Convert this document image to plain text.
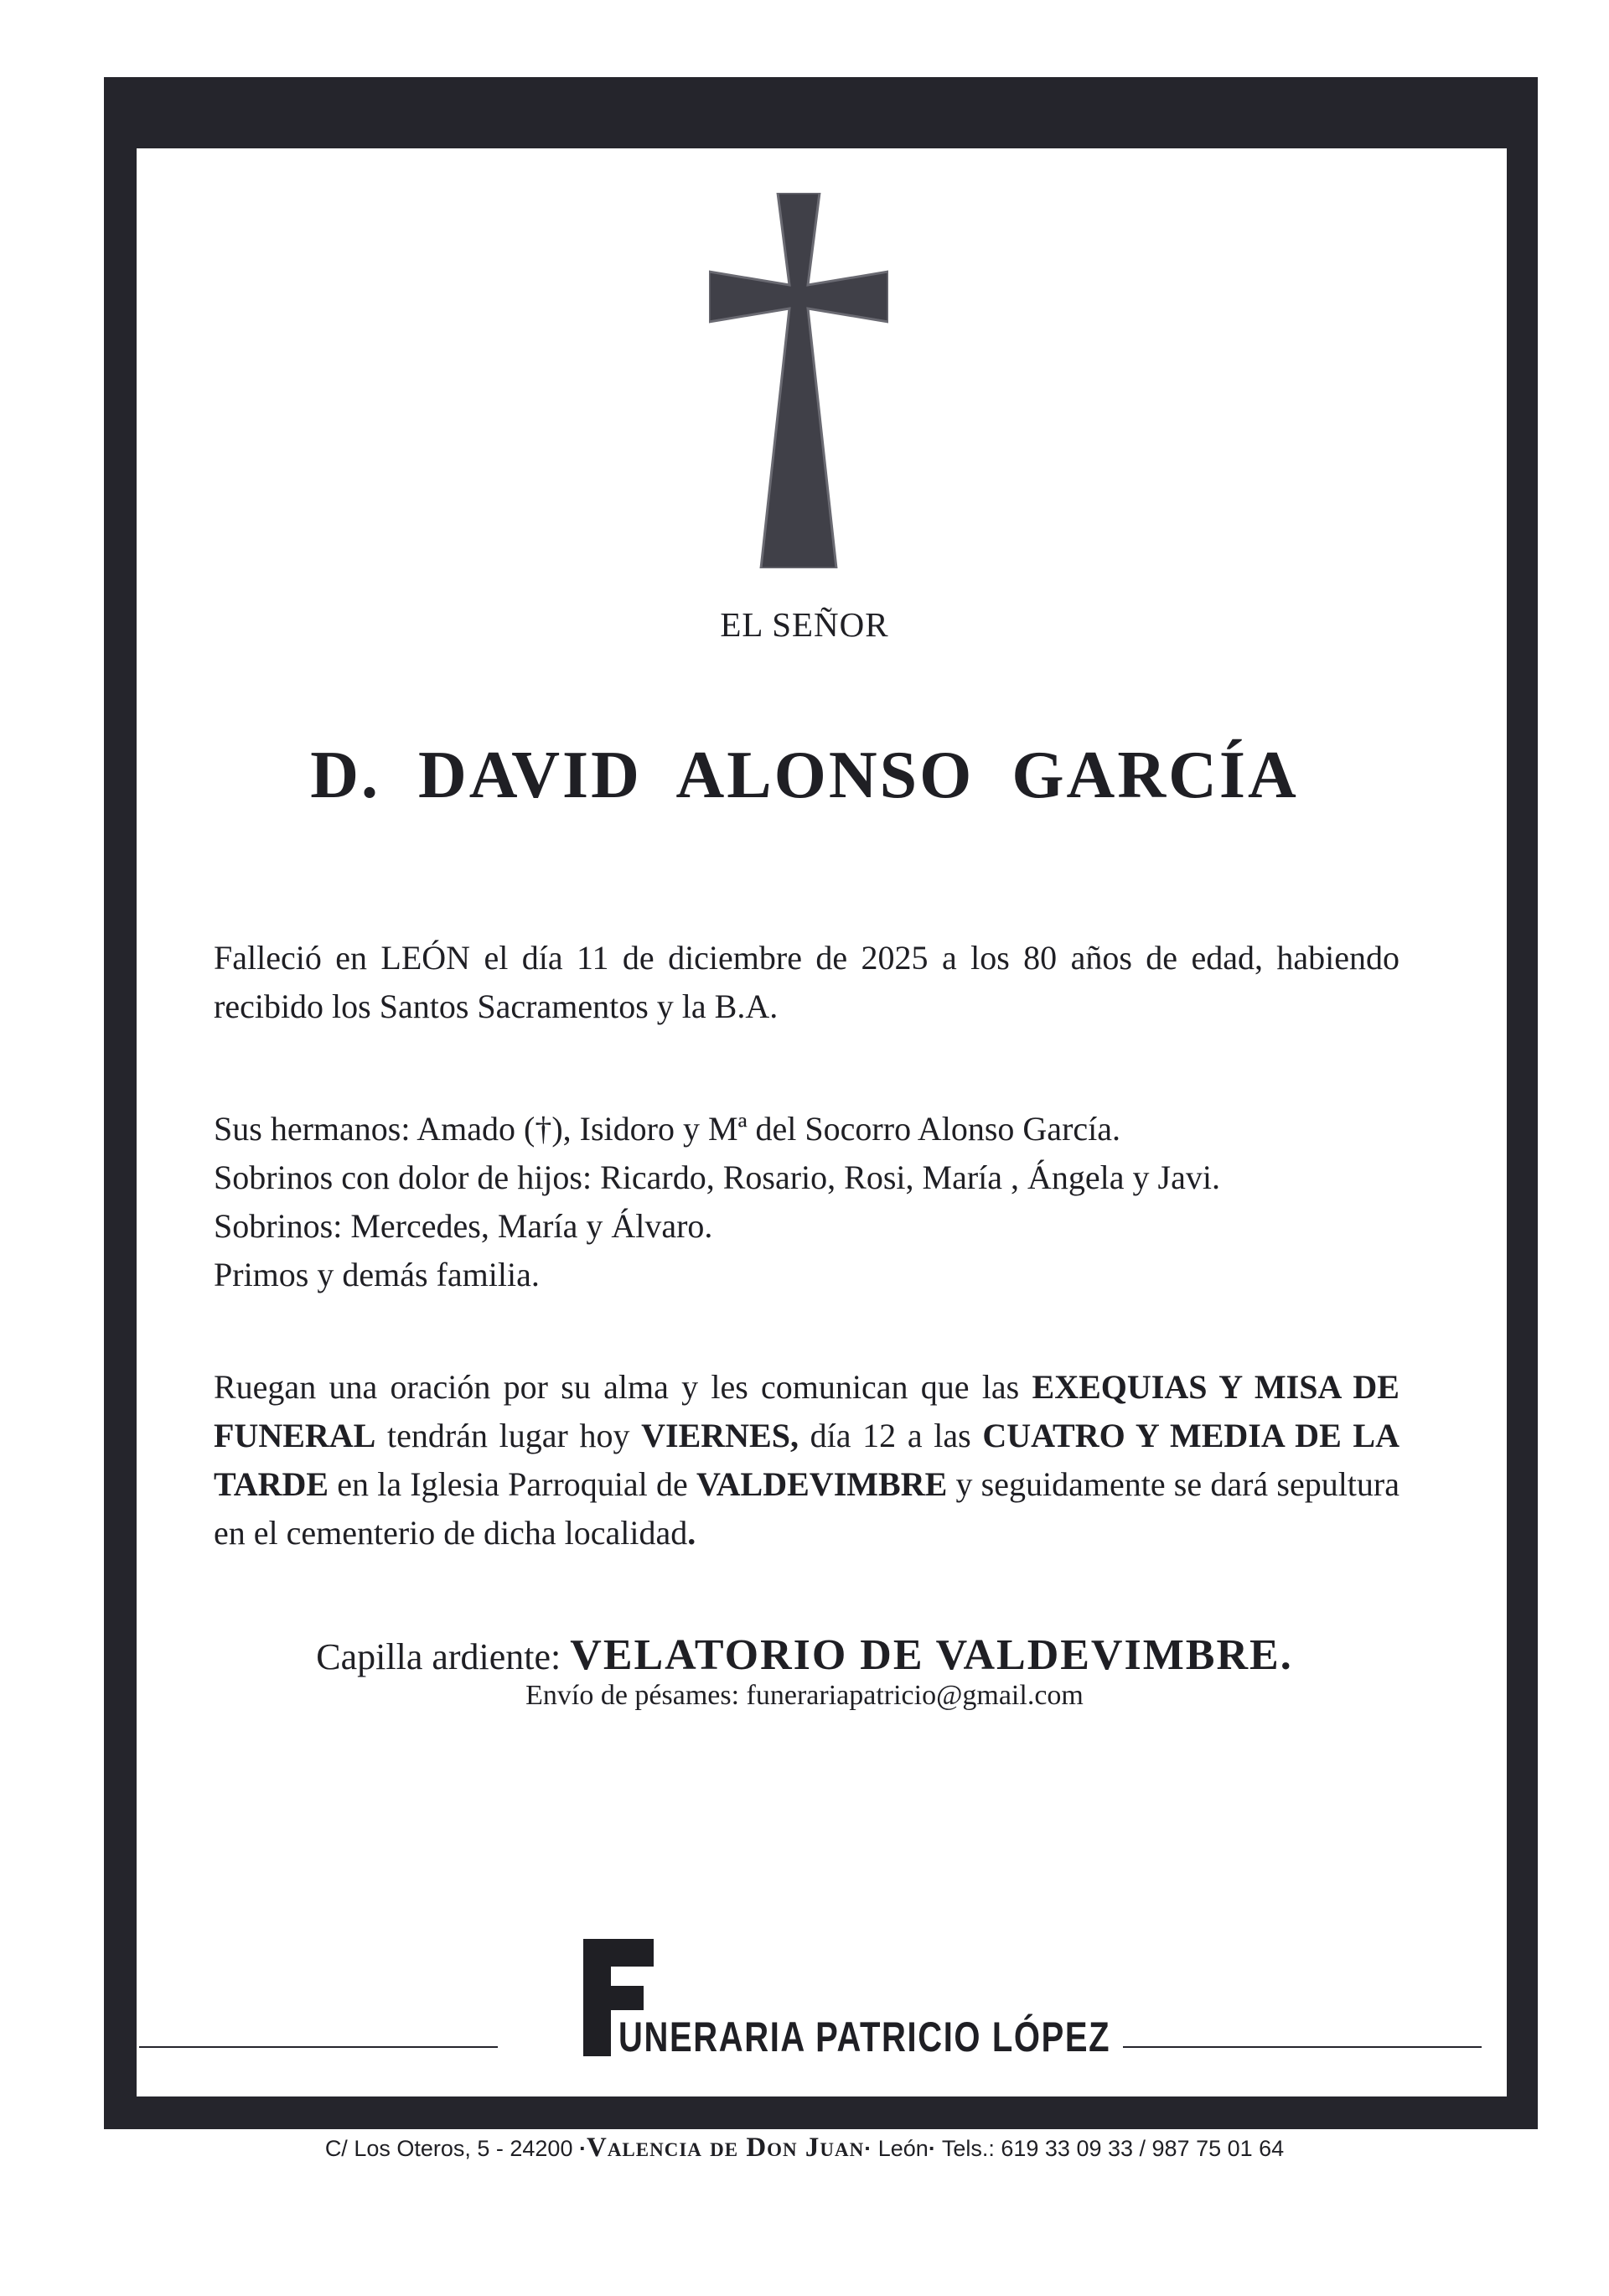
EL SEÑOR

D. DAVID ALONSO GARCÍA

Falleció en LEÓN el día 11 de diciembre de 2025 a los 80 años de edad, habiendo recibido los Santos Sacramentos y la B.A.

Sus hermanos: Amado (†), Isidoro y Mª del Socorro Alonso García.
Sobrinos con dolor de hijos: Ricardo, Rosario, Rosi, María , Ángela y Javi.
Sobrinos: Mercedes, María y Álvaro.
Primos y demás familia.

Ruegan una oración por su alma y les comunican que las EXEQUIAS Y MISA DE FUNERAL tendrán lugar hoy VIERNES, día 12 a las CUATRO Y MEDIA DE LA TARDE en la Iglesia Parroquial de VALDEVIMBRE y seguidamente se dará sepultura en el cementerio de dicha localidad.

Capilla ardiente: VELATORIO DE VALDEVIMBRE.

Envío de pésames: funerariapatricio@gmail.com

UNERARIA PATRICIO LÓPEZ

C/ Los Oteros, 5 - 24200 ·Valencia de Don Juan· León· Tels.: 619 33 09 33 / 987 75 01 64
